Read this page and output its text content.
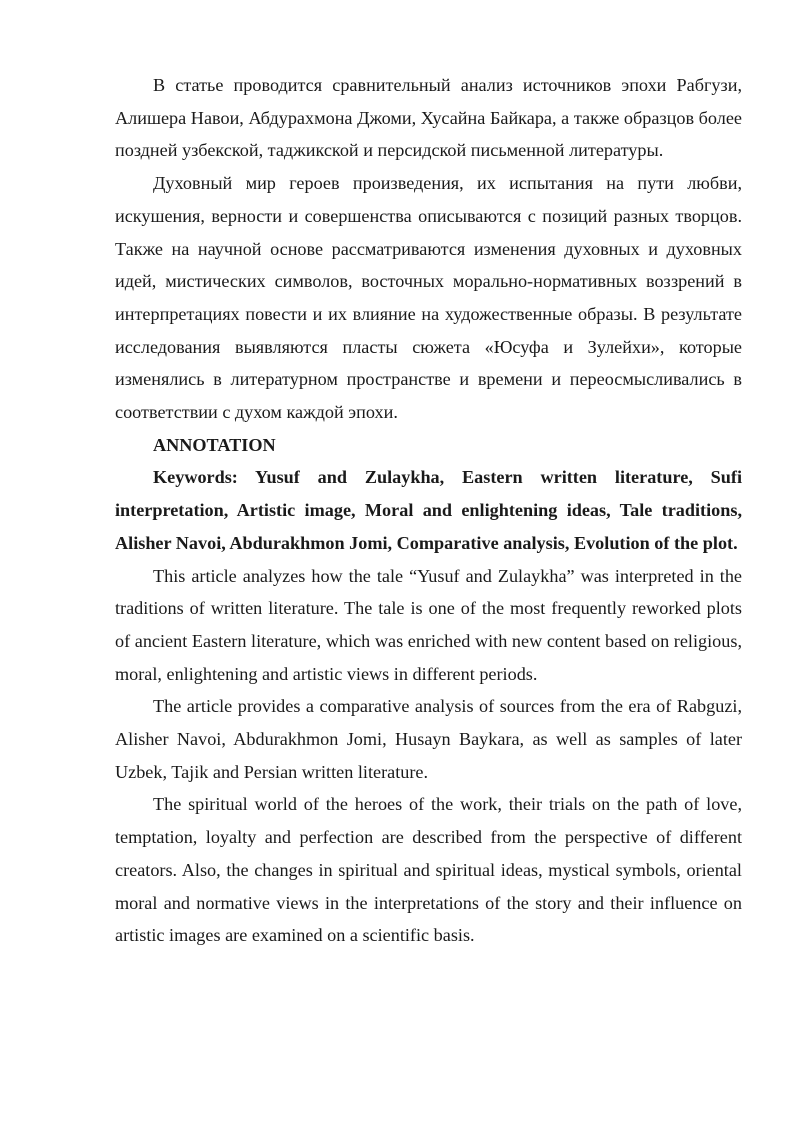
В статье проводится сравнительный анализ источников эпохи Рабгузи, Алишера Навои, Абдурахмона Джоми, Хусайна Байкара, а также образцов более поздней узбекской, таджикской и персидской письменной литературы.

Духовный мир героев произведения, их испытания на пути любви, искушения, верности и совершенства описываются с позиций разных творцов. Также на научной основе рассматриваются изменения духовных и духовных идей, мистических символов, восточных морально-нормативных воззрений в интерпретациях повести и их влияние на художественные образы. В результате исследования выявляются пласты сюжета «Юсуфа и Зулейхи», которые изменялись в литературном пространстве и времени и переосмысливались в соответствии с духом каждой эпохи.

ANNOTATION

Keywords: Yusuf and Zulaykha, Eastern written literature, Sufi interpretation, Artistic image, Moral and enlightening ideas, Tale traditions, Alisher Navoi, Abdurakhmon Jomi, Comparative analysis, Evolution of the plot.

This article analyzes how the tale “Yusuf and Zulaykha” was interpreted in the traditions of written literature. The tale is one of the most frequently reworked plots of ancient Eastern literature, which was enriched with new content based on religious, moral, enlightening and artistic views in different periods.

The article provides a comparative analysis of sources from the era of Rabguzi, Alisher Navoi, Abdurakhmon Jomi, Husayn Baykara, as well as samples of later Uzbek, Tajik and Persian written literature.

The spiritual world of the heroes of the work, their trials on the path of love, temptation, loyalty and perfection are described from the perspective of different creators. Also, the changes in spiritual and spiritual ideas, mystical symbols, oriental moral and normative views in the interpretations of the story and their influence on artistic images are examined on a scientific basis.
